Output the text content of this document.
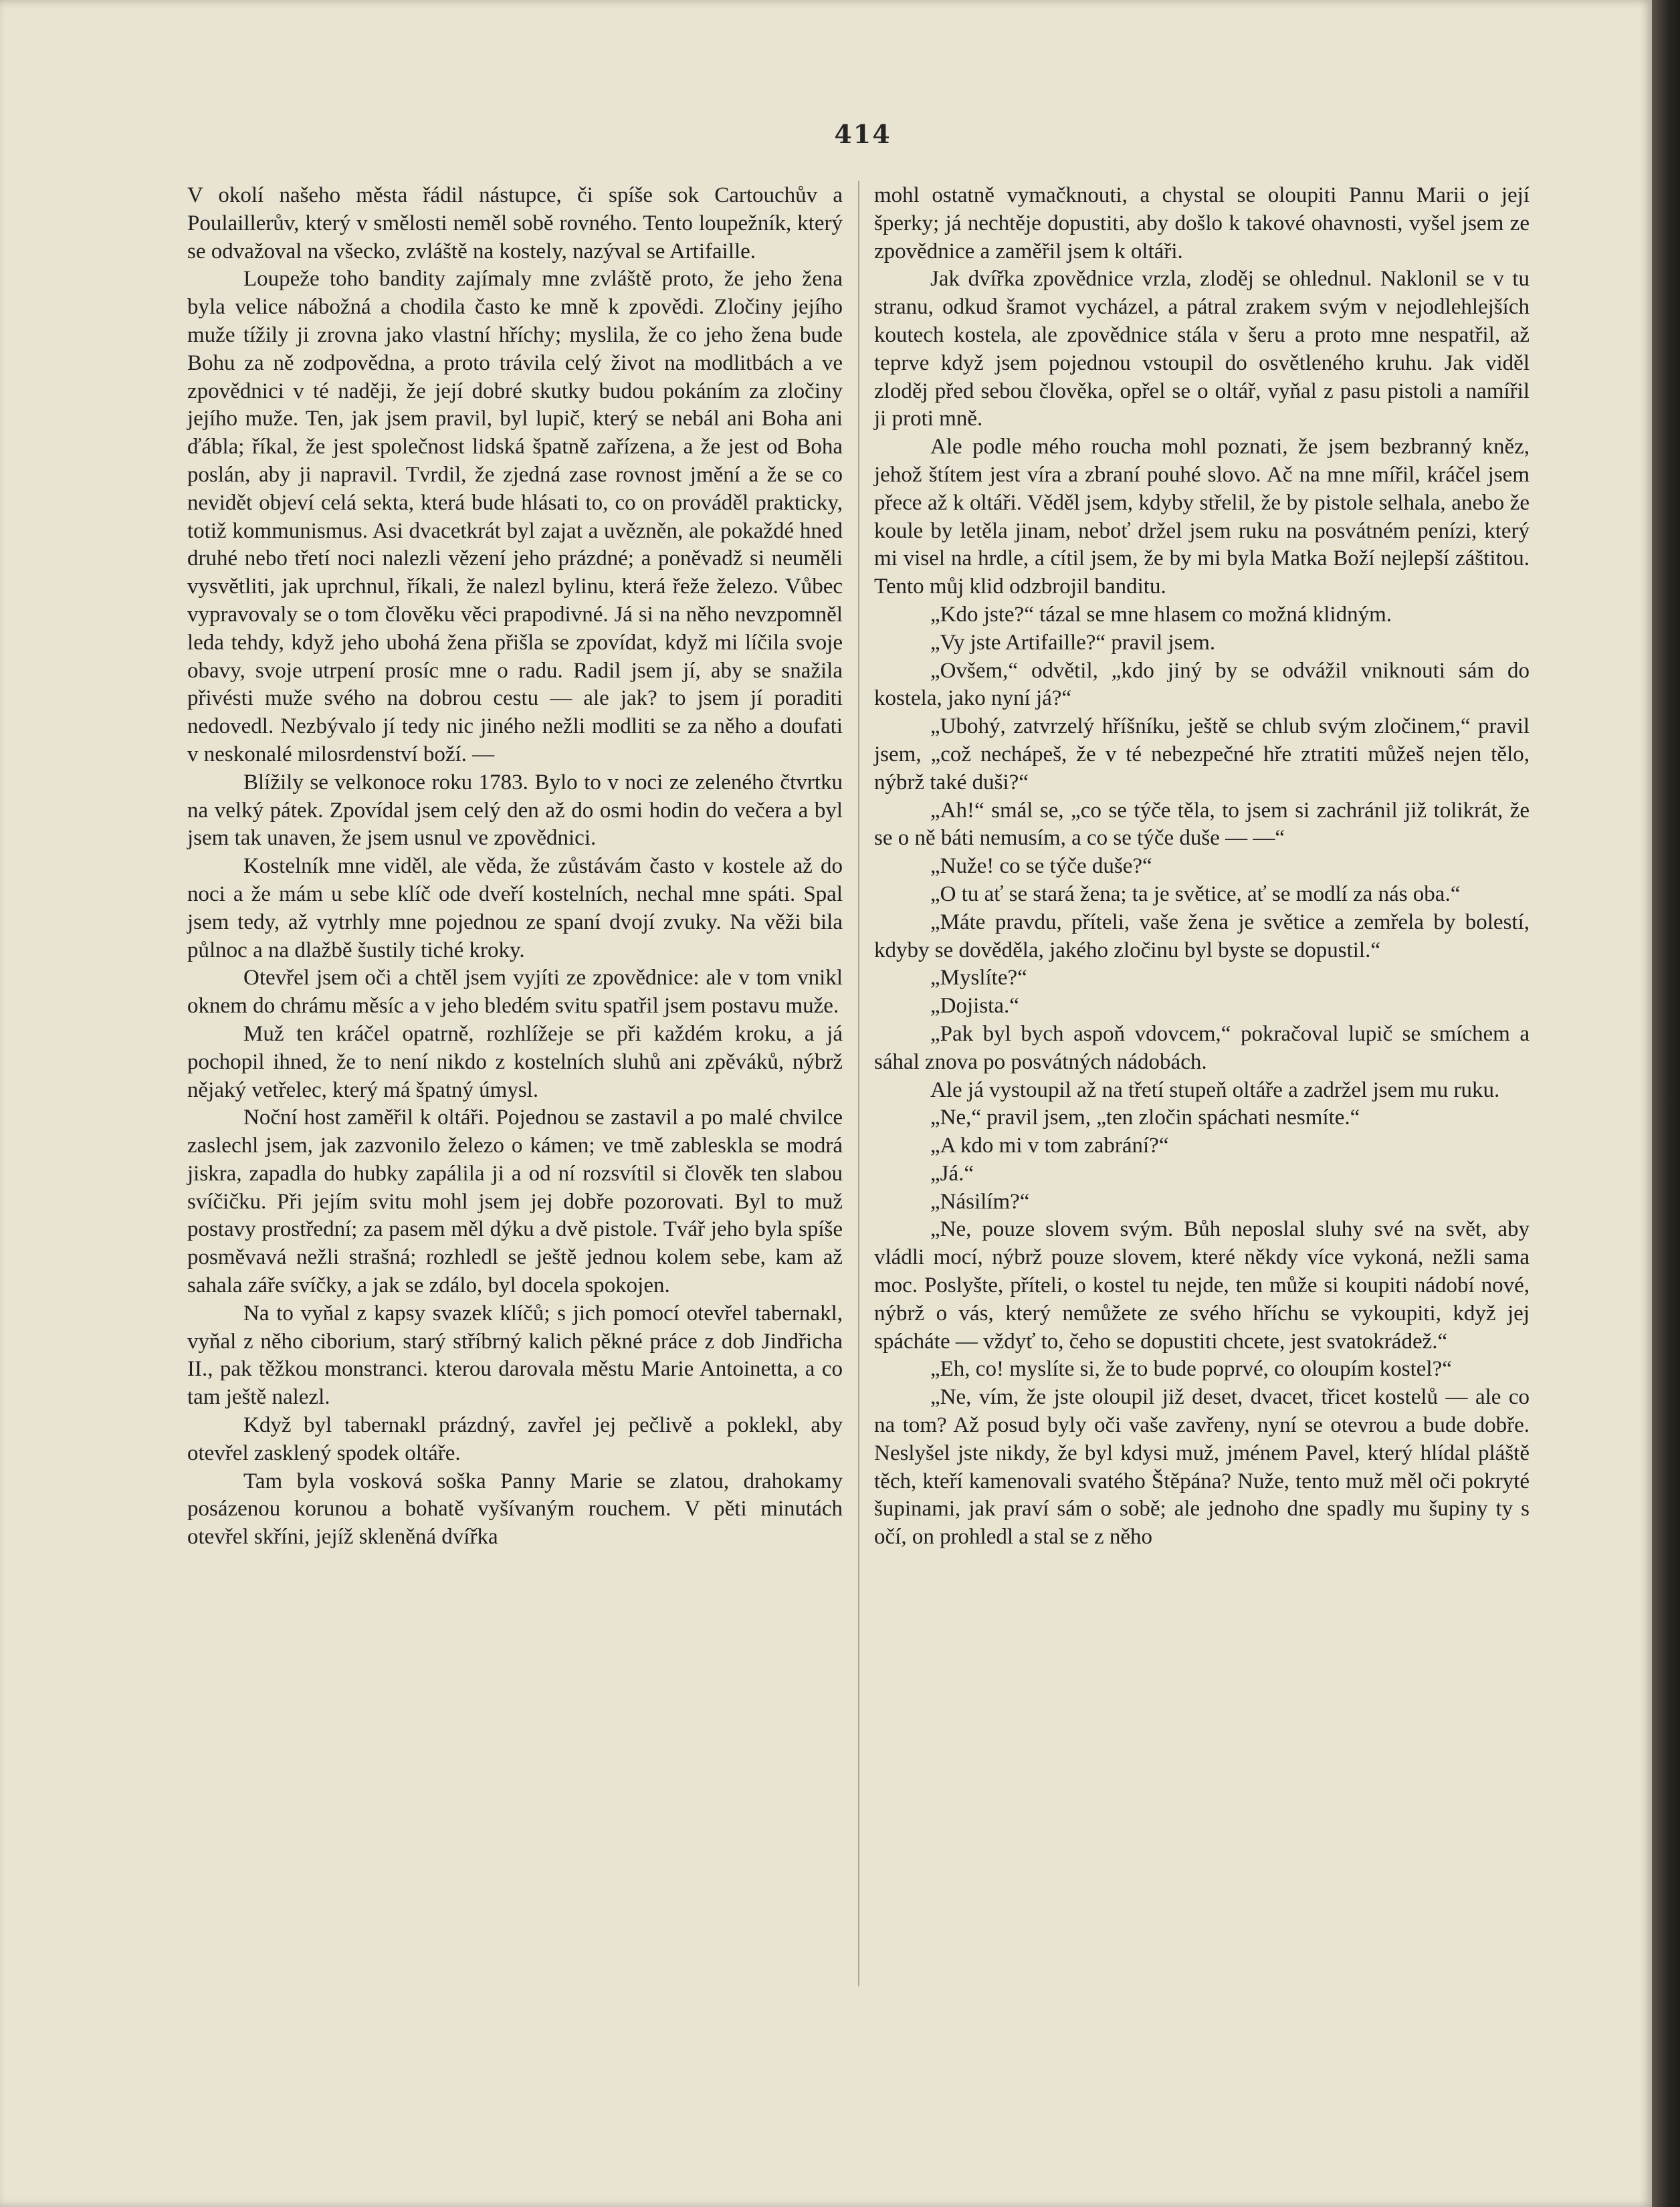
414

V okolí našeho města řádil nástupce, či spíše sok Cartouchův a Poulaillerův, který v smělosti neměl sobě rovného. Tento loupežník, který se odvažoval na všecko, zvláště na kostely, nazýval se Artifaille.

Loupeže toho bandity zajímaly mne zvláště proto, že jeho žena byla velice nábožná a chodila často ke mně k zpovědi. Zločiny jejího muže tížily ji zrovna jako vlastní hříchy; myslila, že co jeho žena bude Bohu za ně zodpovědna, a proto trávila celý život na modlitbách a ve zpovědnici v té naději, že její dobré skutky budou pokáním za zločiny jejího muže. Ten, jak jsem pravil, byl lupič, který se nebál ani Boha ani ďábla; říkal, že jest společnost lidská špatně zařízena, a že jest od Boha poslán, aby ji napravil. Tvrdil, že zjedná zase rovnost jmění a že se co nevidět objeví celá sekta, která bude hlásati to, co on prováděl prakticky, totiž kommunismus. Asi dvacetkrát byl zajat a uvězněn, ale pokaždé hned druhé nebo třetí noci nalezli vězení jeho prázdné; a poněvadž si neuměli vysvětliti, jak uprchnul, říkali, že nalezl bylinu, která řeže železo. Vůbec vypravovaly se o tom člověku věci prapodivné. Já si na něho nevzpomněl leda tehdy, když jeho ubohá žena přišla se zpovídat, když mi líčila svoje obavy, svoje utrpení prosíc mne o radu. Radil jsem jí, aby se snažila přivésti muže svého na dobrou cestu — ale jak? to jsem jí poraditi nedovedl. Nezbývalo jí tedy nic jiného nežli modliti se za něho a doufati v neskonalé milosrdenství boží. —

Blížily se velkonoce roku 1783. Bylo to v noci ze zeleného čtvrtku na velký pátek. Zpovídal jsem celý den až do osmi hodin do večera a byl jsem tak unaven, že jsem usnul ve zpovědnici.

Kostelník mne viděl, ale věda, že zůstávám často v kostele až do noci a že mám u sebe klíč ode dveří kostelních, nechal mne spáti. Spal jsem tedy, až vytrhly mne pojednou ze spaní dvojí zvuky. Na věži bila půlnoc a na dlažbě šustily tiché kroky.

Otevřel jsem oči a chtěl jsem vyjíti ze zpovědnice: ale v tom vnikl oknem do chrámu měsíc a v jeho bledém svitu spatřil jsem postavu muže.

Muž ten kráčel opatrně, rozhlížeje se při každém kroku, a já pochopil ihned, že to není nikdo z kostelních sluhů ani zpěváků, nýbrž nějaký vetřelec, který má špatný úmysl.

Noční host zaměřil k oltáři. Pojednou se zastavil a po malé chvilce zaslechl jsem, jak zazvonilo železo o kámen; ve tmě zableskla se modrá jiskra, zapadla do hubky zapálila ji a od ní rozsvítil si člověk ten slabou svíčičku. Při jejím svitu mohl jsem jej dobře pozorovati. Byl to muž postavy prostřední; za pasem měl dýku a dvě pistole. Tvář jeho byla spíše posměvavá nežli strašná; rozhledl se ještě jednou kolem sebe, kam až sahala záře svíčky, a jak se zdálo, byl docela spokojen.

Na to vyňal z kapsy svazek klíčů; s jich pomocí otevřel tabernakl, vyňal z něho ciborium, starý stříbrný kalich pěkné práce z dob Jindřicha II., pak těžkou monstranci. kterou darovala městu Marie Antoinetta, a co tam ještě nalezl.

Když byl tabernakl prázdný, zavřel jej pečlivě a poklekl, aby otevřel zasklený spodek oltáře.

Tam byla vosková soška Panny Marie se zlatou, drahokamy posázenou korunou a bohatě vyšívaným rouchem. V pěti minutách otevřel skříni, jejíž skleněná dvířka

mohl ostatně vymačknouti, a chystal se oloupiti Pannu Marii o její šperky; já nechtěje dopustiti, aby došlo k takové ohavnosti, vyšel jsem ze zpovědnice a zaměřil jsem k oltáři.

Jak dvířka zpovědnice vrzla, zloděj se ohlednul. Naklonil se v tu stranu, odkud šramot vycházel, a pátral zrakem svým v nejodlehlejších koutech kostela, ale zpovědnice stála v šeru a proto mne nespatřil, až teprve když jsem pojednou vstoupil do osvětleného kruhu. Jak viděl zloděj před sebou člověka, opřel se o oltář, vyňal z pasu pistoli a namířil ji proti mně.

Ale podle mého roucha mohl poznati, že jsem bezbranný kněz, jehož štítem jest víra a zbraní pouhé slovo. Ač na mne mířil, kráčel jsem přece až k oltáři. Věděl jsem, kdyby střelil, že by pistole selhala, anebo že koule by letěla jinam, neboť držel jsem ruku na posvátném penízi, který mi visel na hrdle, a cítil jsem, že by mi byla Matka Boží nejlepší záštitou. Tento můj klid odzbrojil banditu.

„Kdo jste?“ tázal se mne hlasem co možná klidným.

„Vy jste Artifaille?“ pravil jsem.

„Ovšem,“ odvětil, „kdo jiný by se odvážil vniknouti sám do kostela, jako nyní já?“

„Ubohý, zatvrzelý hříšníku, ještě se chlub svým zločinem,“ pravil jsem, „což nechápeš, že v té nebezpečné hře ztratiti můžeš nejen tělo, nýbrž také duši?“

„Ah!“ smál se, „co se týče těla, to jsem si zachránil již tolikrát, že se o ně báti nemusím, a co se týče duše — —“

„Nuže! co se týče duše?“

„O tu ať se stará žena; ta je světice, ať se modlí za nás oba.“

„Máte pravdu, příteli, vaše žena je světice a zemřela by bolestí, kdyby se dověděla, jakého zločinu byl byste se dopustil.“

„Myslíte?“

„Dojista.“

„Pak byl bych aspoň vdovcem,“ pokračoval lupič se smíchem a sáhal znova po posvátných nádobách.

Ale já vystoupil až na třetí stupeň oltáře a zadržel jsem mu ruku.

„Ne,“ pravil jsem, „ten zločin spáchati nesmíte.“

„A kdo mi v tom zabrání?“

„Já.“

„Násilím?“

„Ne, pouze slovem svým. Bůh neposlal sluhy své na svět, aby vládli mocí, nýbrž pouze slovem, které někdy více vykoná, nežli sama moc. Poslyšte, příteli, o kostel tu nejde, ten může si koupiti nádobí nové, nýbrž o vás, který nemůžete ze svého hříchu se vykoupiti, když jej spácháte — vždyť to, čeho se dopustiti chcete, jest svatokrádež.“

„Eh, co! myslíte si, že to bude poprvé, co oloupím kostel?“

„Ne, vím, že jste oloupil již deset, dvacet, třicet kostelů — ale co na tom? Až posud byly oči vaše zavřeny, nyní se otevrou a bude dobře. Neslyšel jste nikdy, že byl kdysi muž, jménem Pavel, který hlídal pláště těch, kteří kamenovali svatého Štěpána? Nuže, tento muž měl oči pokryté šupinami, jak praví sám o sobě; ale jednoho dne spadly mu šupiny ty s očí, on prohledl a stal se z něho
